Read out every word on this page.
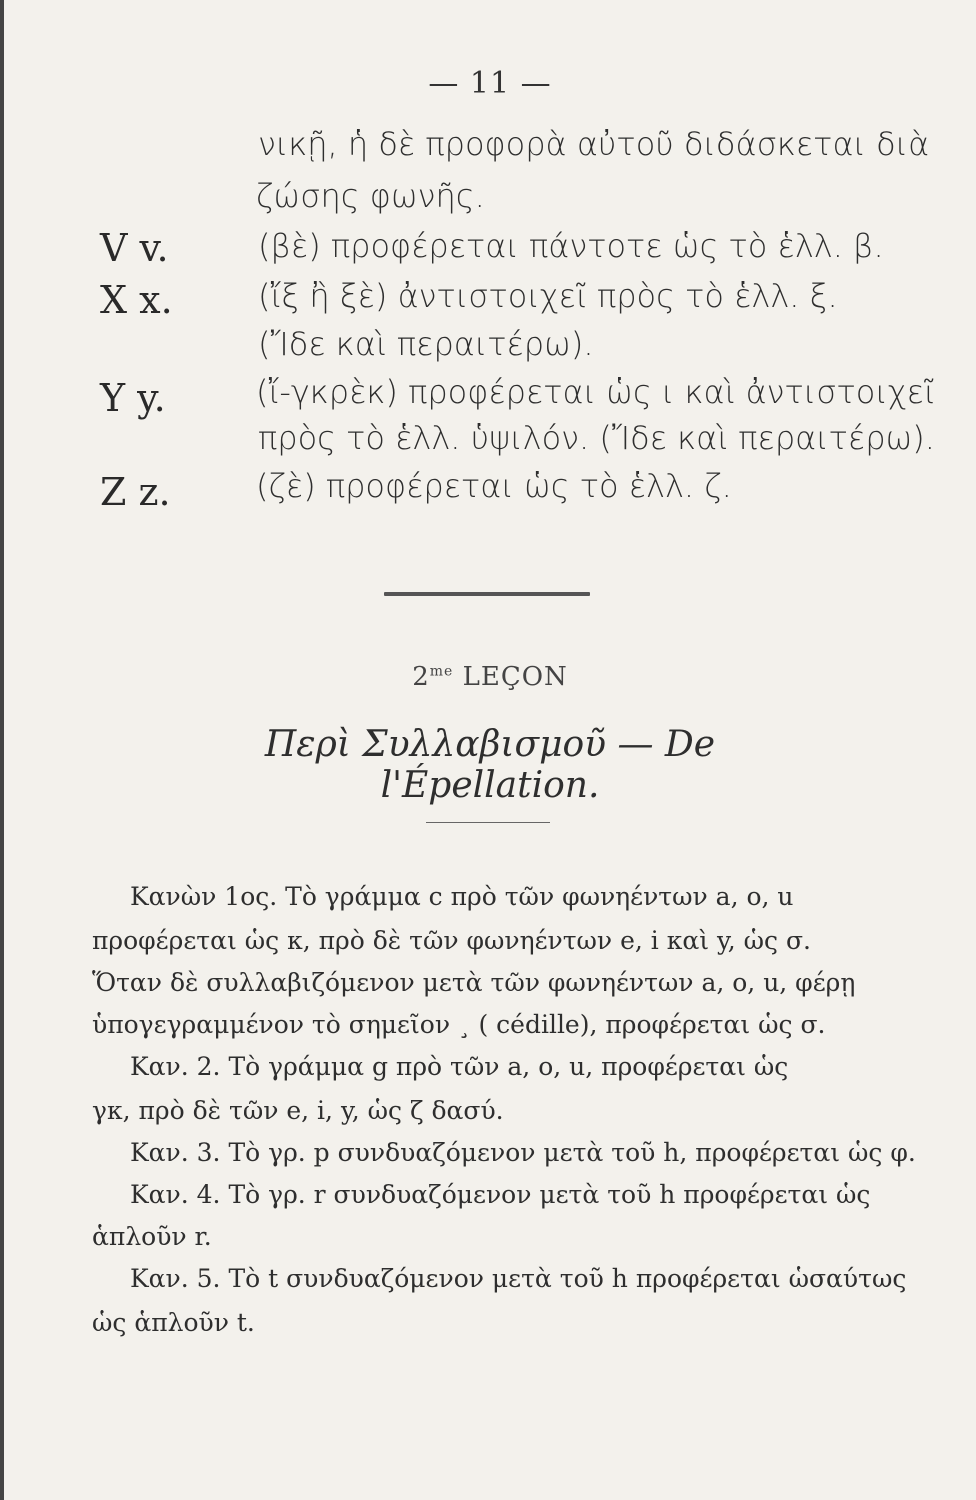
— 11 —
νικῇ, ἡ δὲ προφορὰ αὐτοῦ διδάσκεται διὰ
ζώσης φωνῆς.
V v.	(βὲ) προφέρεται πάντοτε ὡς τὸ ἑλλ. β.
X x.	(ἴξ ἢ ξὲ) ἀντιστοιχεῖ πρὸς τὸ ἑλλ. ξ.
(Ἴδε καὶ περαιτέρω).
Y y.	(ἴ-γκρὲκ) προφέρεται ὡς ι καὶ ἀντιστοιχεῖ
πρὸς τὸ ἑλλ. ὑψιλόν. (Ἴδε καὶ περαιτέρω).
Z z.	(ζὲ) προφέρεται ὡς τὸ ἑλλ. ζ.
$2^{me}$ LEÇON
Περὶ Συλλαβισμοῦ — De l'Épellation.
Κανὼν 1ος. Τὸ γράμμα c πρὸ τῶν φωνηέντων a, o, u
προφέρεται ὡς κ, πρὸ δὲ τῶν φωνηέντων e, i καὶ y, ὡς σ.
Ὅταν δὲ συλλαβιζόμενον μετὰ τῶν φωνηέντων a, o, u, φέρῃ
ὑπογεγραμμένον τὸ σημεῖον ¸ ( cédille), προφέρεται ὡς σ.
Καν. 2. Τὸ γράμμα g πρὸ τῶν a, o, u, προφέρεται ὡς
γκ, πρὸ δὲ τῶν e, i, y, ὡς ζ δασύ.
Καν. 3. Τὸ γρ. p συνδυαζόμενον μετὰ τοῦ h, προφέρεται ὡς φ.
Καν. 4. Τὸ γρ. r συνδυαζόμενον μετὰ τοῦ h προφέρεται ὡς
ἁπλοῦν r.
Καν. 5. Τὸ t συνδυαζόμενον μετὰ τοῦ h προφέρεται ὡσαύτως
ὡς ἁπλοῦν t.
